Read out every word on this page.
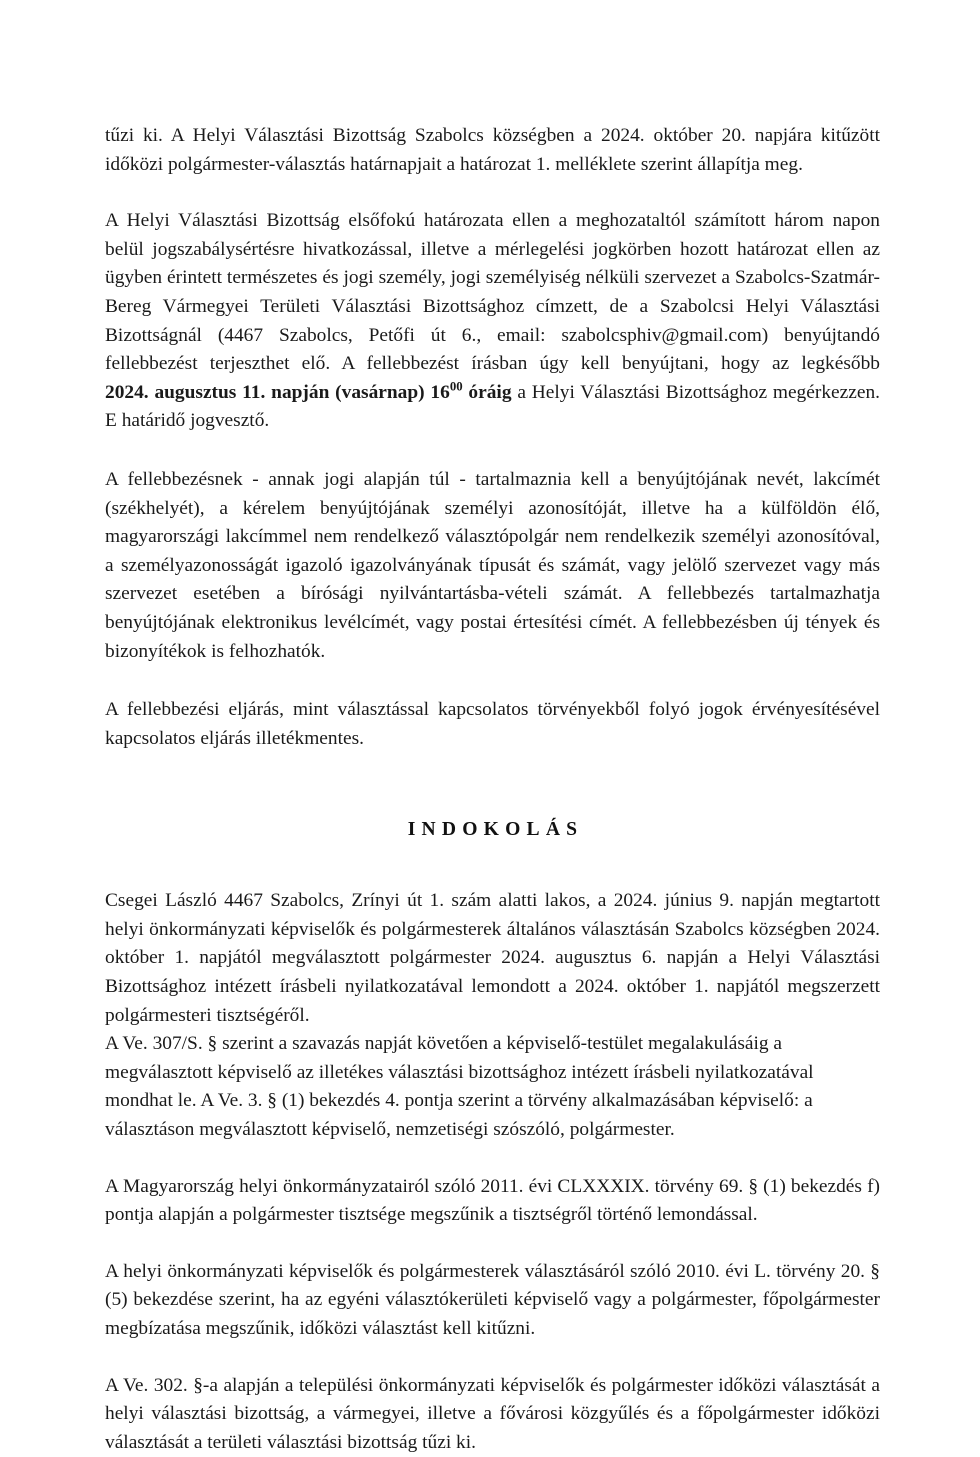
tűzi ki. A Helyi Választási Bizottság Szabolcs községben a 2024. október 20. napjára kitűzött időközi polgármester-választás határnapjait a határozat 1. melléklete szerint állapítja meg.

A Helyi Választási Bizottság elsőfokú határozata ellen a meghozataltól számított három napon belül jogszabálysértésre hivatkozással, illetve a mérlegelési jogkörben hozott határozat ellen az ügyben érintett természetes és jogi személy, jogi személyiség nélküli szervezet a Szabolcs-Szatmár-Bereg Vármegyei Területi Választási Bizottsághoz címzett, de a Szabolcsi Helyi Választási Bizottságnál (4467 Szabolcs, Petőfi út 6., email: szabolcsphiv@gmail.com) benyújtandó fellebbezést terjeszthet elő. A fellebbezést írásban úgy kell benyújtani, hogy az legkésőbb 2024. augusztus 11. napján (vasárnap) $16^{00}$ óráig a Helyi Választási Bizottsághoz megérkezzen. E határidő jogvesztő.

A fellebbezésnek - annak jogi alapján túl - tartalmaznia kell a benyújtójának nevét, lakcímét (székhelyét), a kérelem benyújtójának személyi azonosítóját, illetve ha a külföldön élő, magyarországi lakcímmel nem rendelkező választópolgár nem rendelkezik személyi azonosítóval, a személyazonosságát igazoló igazolványának típusát és számát, vagy jelölő szervezet vagy más szervezet esetében a bírósági nyilvántartásba-vételi számát. A fellebbezés tartalmazhatja benyújtójának elektronikus levélcímét, vagy postai értesítési címét. A fellebbezésben új tények és bizonyítékok is felhozhatók.

A fellebbezési eljárás, mint választással kapcsolatos törvényekből folyó jogok érvényesítésével kapcsolatos eljárás illetékmentes.

INDOKOLÁS

Csegei László 4467 Szabolcs, Zrínyi út 1. szám alatti lakos, a 2024. június 9. napján megtartott helyi önkormányzati képviselők és polgármesterek általános választásán Szabolcs községben 2024. október 1. napjától megválasztott polgármester 2024. augusztus 6. napján a Helyi Választási Bizottsághoz intézett írásbeli nyilatkozatával lemondott a 2024. október 1. napjától megszerzett polgármesteri tisztségéről.

A Ve. 307/S. § szerint a szavazás napját követően a képviselő-testület megalakulásáig a megválasztott képviselő az illetékes választási bizottsághoz intézett írásbeli nyilatkozatával mondhat le. A Ve. 3. § (1) bekezdés 4. pontja szerint a törvény alkalmazásában képviselő: a választáson megválasztott képviselő, nemzetiségi szószóló, polgármester.

A Magyarország helyi önkormányzatairól szóló 2011. évi CLXXXIX. törvény 69. § (1) bekezdés f) pontja alapján a polgármester tisztsége megszűnik a tisztségről történő lemondással.

A helyi önkormányzati képviselők és polgármesterek választásáról szóló 2010. évi L. törvény 20. § (5) bekezdése szerint, ha az egyéni választókerületi képviselő vagy a polgármester, főpolgármester megbízatása megszűnik, időközi választást kell kitűzni.

A Ve. 302. §-a alapján a települési önkormányzati képviselők és polgármester időközi választását a helyi választási bizottság, a vármegyei, illetve a fővárosi közgyűlés és a főpolgármester időközi választását a területi választási bizottság tűzi ki.
